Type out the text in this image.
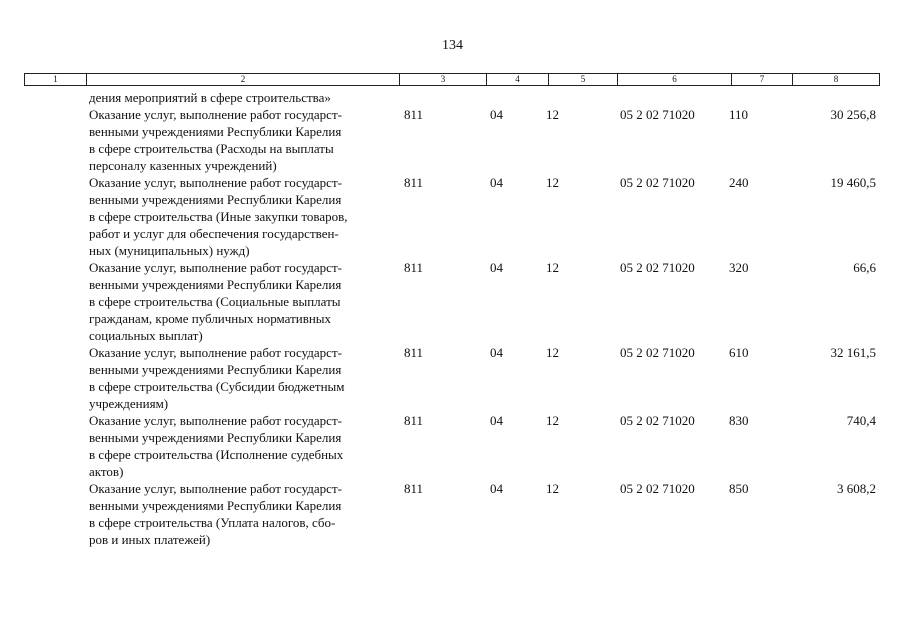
134
1	2	3	4	5	6	7	8
дения мероприятий в сфере строительства»
Оказание услуг, выполнение работ государст-
венными учреждениями Республики Карелия
в сфере строительства (Расходы на выплаты
персоналу казенных учреждений)
811	04	12	05 2 02 71020	110	30 256,8
Оказание услуг, выполнение работ государст-
венными учреждениями Республики Карелия
в сфере строительства (Иные закупки товаров,
работ и услуг для обеспечения государствен-
ных (муниципальных) нужд)
811	04	12	05 2 02 71020	240	19 460,5
Оказание услуг, выполнение работ государст-
венными учреждениями Республики Карелия
в сфере строительства (Социальные выплаты
гражданам, кроме публичных нормативных
социальных выплат)
811	04	12	05 2 02 71020	320	66,6
Оказание услуг, выполнение работ государст-
венными учреждениями Республики Карелия
в сфере строительства (Субсидии бюджетным
учреждениям)
811	04	12	05 2 02 71020	610	32 161,5
Оказание услуг, выполнение работ государст-
венными учреждениями Республики Карелия
в сфере строительства (Исполнение судебных
актов)
811	04	12	05 2 02 71020	830	740,4
Оказание услуг, выполнение работ государст-
венными учреждениями Республики Карелия
в сфере строительства (Уплата налогов, сбо-
ров и иных платежей)
811	04	12	05 2 02 71020	850	3 608,2
